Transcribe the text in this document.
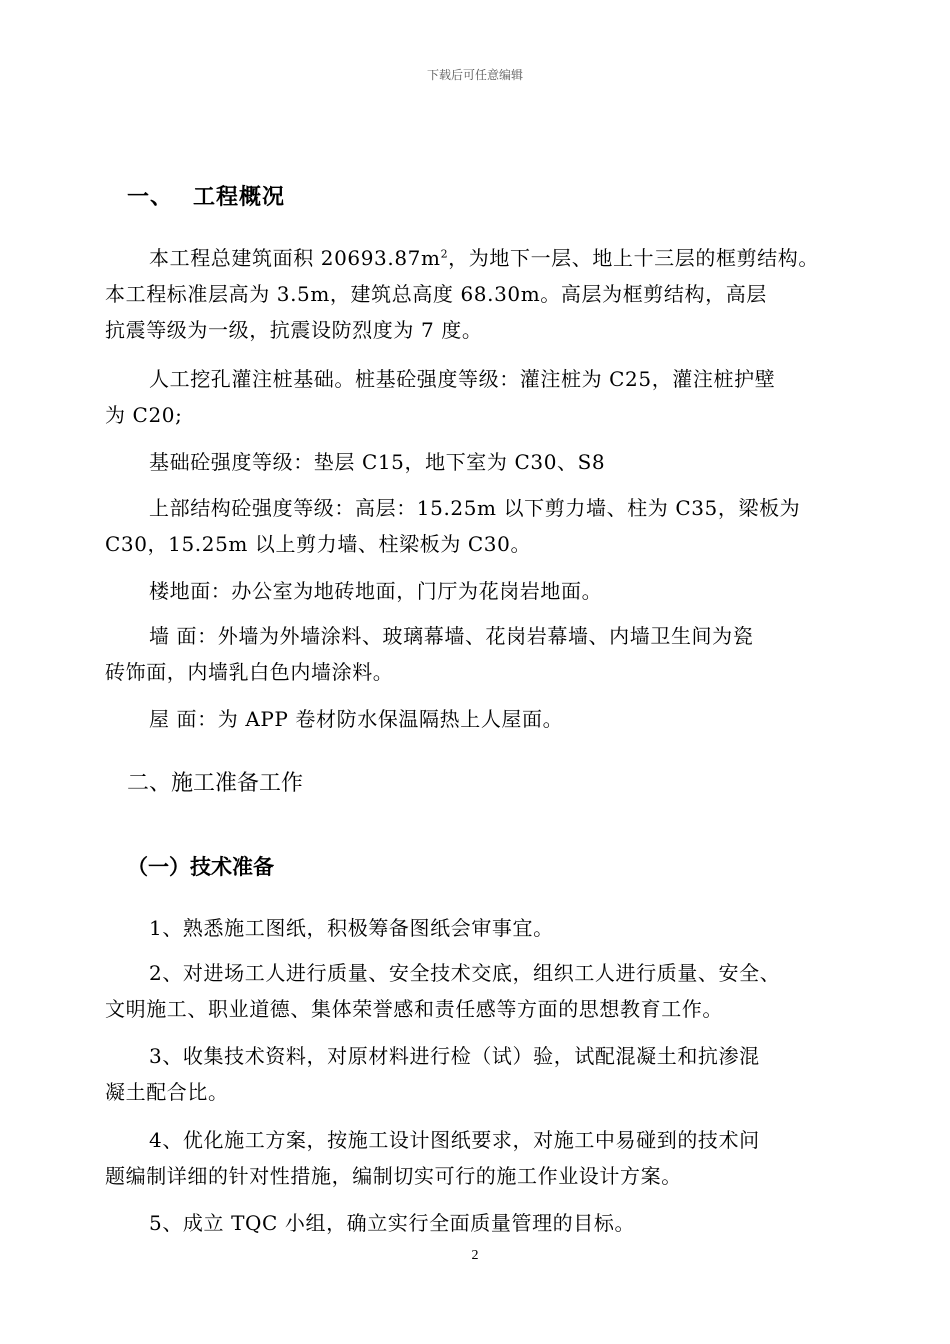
下载后可任意编辑
一、 工程概况
本工程总建筑面积 $20693.87m^2$，为地下一层、地上十三层的框剪结构。
本工程标准层高为 3.5m，建筑总高度 68.30m。高层为框剪结构，高层
抗震等级为一级，抗震设防烈度为 7 度。
人工挖孔灌注桩基础。桩基砼强度等级：灌注桩为 C25，灌注桩护壁
为 C20;
基础砼强度等级：垫层 C15，地下室为 C30、S8
上部结构砼强度等级：高层：15.25m 以下剪力墙、柱为 C35，梁板为
C30，15.25m 以上剪力墙、柱梁板为 C30。
楼地面：办公室为地砖地面，门厅为花岗岩地面。
墙 面：外墙为外墙涂料、玻璃幕墙、花岗岩幕墙、内墙卫生间为瓷
砖饰面，内墙乳白色内墙涂料。
屋 面：为 APP 卷材防水保温隔热上人屋面。
二、施工准备工作
（一）技术准备
1、熟悉施工图纸，积极筹备图纸会审事宜。
2、对进场工人进行质量、安全技术交底，组织工人进行质量、安全、
文明施工、职业道德、集体荣誉感和责任感等方面的思想教育工作。
3、收集技术资料，对原材料进行检（试）验，试配混凝土和抗渗混
凝土配合比。
4、优化施工方案，按施工设计图纸要求，对施工中易碰到的技术问
题编制详细的针对性措施，编制切实可行的施工作业设计方案。
5、成立 TQC 小组，确立实行全面质量管理的目标。
2
